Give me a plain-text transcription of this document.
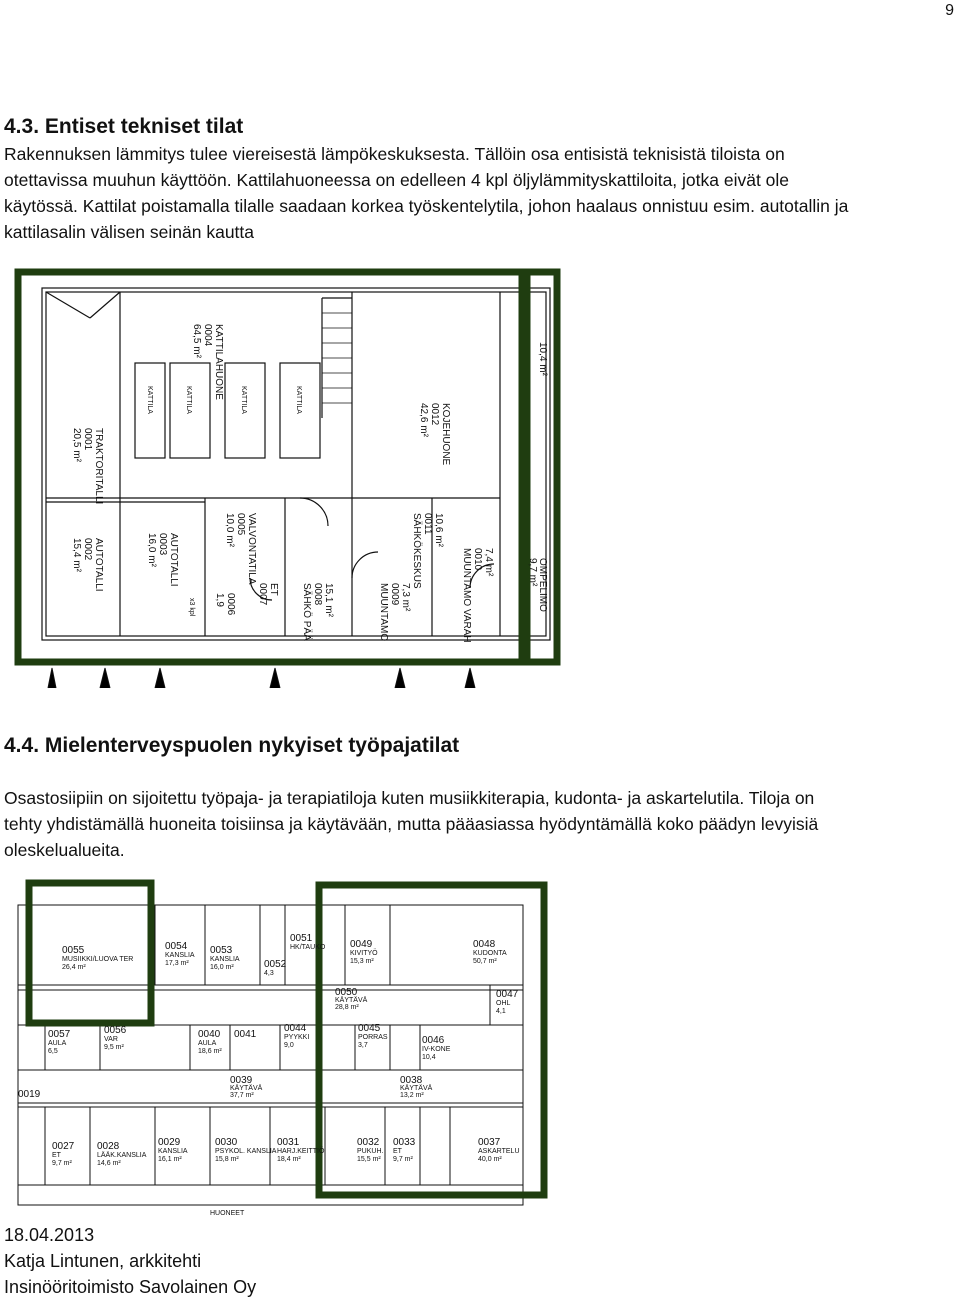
9
4.3. Entiset tekniset tilat
Rakennuksen lämmitys tulee viereisestä lämpökeskuksesta. Tällöin osa entisistä teknisistä tiloista on
otettavissa muuhun käyttöön. Kattilahuoneessa on edelleen 4 kpl öljylämmityskattiloita, jotka eivät ole
käytössä. Kattilat poistamalla tilalle saadaan korkea työskentelytila, johon haalaus onnistuu esim. autotallin ja
kattilasalin välisen seinän kautta
0004 KATTILAHUONE
64,5 m²
0012 KOJEHUONE
42,6 m²
0001 TRAKTORITALLI
20,5 m²
0002 AUTOTALLI
15,4 m²	0003 AUTOTALLI
16,0 m²
0005 VALVONTATILA
10,0 m²	0011
SÄHKÖKESKUS 10,6 m²
0010
MUUNTAMO VARAH 7,4 m²
0008
SÄHKÖ PÄÄ 15,1 m²	0009
MUUNTAMO 7,3 m²
0007 ET
0006
1,9	OMPELIMO
9,7 m²
10,4 m²
KATTILA	KATTILA	KATTILA	KATTILA
x3 kpl
4.4. Mielenterveyspuolen nykyiset työpajatilat
Osastosiipiin on sijoitettu työpaja- ja terapiatiloja kuten musiikkiterapia, kudonta- ja askartelutila. Tiloja on
tehty yhdistämällä huoneita toisiinsa ja käytävään, mutta pääasiassa hyödyntämällä koko päädyn levyisiä
oleskelualueita.
0055
MUSIIKKI/LUOVA TER
26,4 m²
0054
KANSLIA
17,3 m²
0053
KANSLIA
16,0 m²
0051
HK/TAUKO 0049
KIVITYÖ
15,3 m²
0048
KUDONTA
50,7 m²
0047
OHL
4,1
0050
KÄYTÄVÄ
28,8 m²
0052
4,3
0057
AULA
6,5
0056
VAR
9,5 m²
0040
AULA
18,6 m²
0041
0044
PYYKKI
9,0
0045
PORRAS
3,7	0046
IV-KONE
10,4
0039
KÄYTÄVÄ
37,7 m²
0038
KÄYTÄVÄ
13,2 m²
0019
0027
ET
9,7 m²
0028
LÄÄK.KANSLIA
14,6 m²
0029
KANSLIA
16,1 m²
0030
PSYKOL. KANSLIA
15,8 m²
0031
HARJ.KEITTIÖ
18,4 m²
0032
PUKUH.
15,5 m²
0033
ET
9,7 m²
0037
ASKARTELU
40,0 m²
HUONEET
18.04.2013
Katja Lintunen, arkkitehti
Insinööritoimisto Savolainen Oy
